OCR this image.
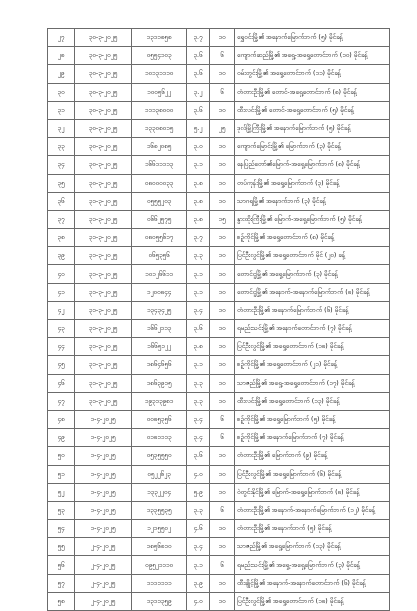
၂၇	၃၀-၃-၂၀၂၅	၁၃၁၁၈၅၈	၃.၇	၁၀	ရွှေဝင်းမြို့၏ အနောက်မြောက်ဘက် (၅) မိုင်ခန့်
၂၈	၃၀-၃-၂၀၂၅	၀၅၅၄၁၀၃	၃.၆	၆	ကျောက်ဆည်မြို့၏ အရှေ့-အရှေ့တောင်ဘက် (၁၀) မိုင်ခန့်
၂၉	၃၀-၃-၂၀၂၅	၁၀၁၃၁၁၁၀	၃.၆	၁၀	ဝမ်းတွင်းမြို့၏ အရှေ့တောင်ဘက် (၁၁) မိုင်ခန့်
၃၀	၃၀-၃-၂၀၂၅	၁၀၀၅၆၂၂	၃.၂	၆	တံတားဦးမြို့၏ တောင်-အရှေ့တောင်ဘက် (၈) မိုင်ခန့်
၃၁	၃၀-၃-၂၀၂၅	၁၁၁၃၈၀၀၀	၃.၆	၁၀	ထီးလင်းမြို့၏ တောင်-အရှေ့တောင်ဘက် (၅) မိုင်ခန့်
၃၂	၃၀-၃-၂၀၂၅	၁၃၃၀၈၀၁၅	၅.၂	၂၅	ဒုလ်မြို့ကြီးမြို့၏ အနောက်မြောက်ဘက် (၅) မိုင်ခန့်
၃၃	၃၀-၃-၂၀၂၅	၁၆၈၂၀၈၅	၃.၀	၁၀	ကျောက်မြောင်းမြို့၏ မြောက်ဘက် (၃) မိုင်ခန့်
၃၄	၃၀-၃-၂၀၂၅	၁၆၆၁၁၁၁၃	၃.၁	၁၀	နေပြည်တော်၏မြောက်-အရှေ့မြောက်ဘက် (၈) မိုင်ခန့်
၃၅	၃၀-၃-၂၀၂၅	၀၈၀၀၀၀၃၃	၃.၈	၁၀	တပ်ကုန်းမြို့၏ အရှေ့မြောက်ဘက် (၃) မိုင်ခန့်
၃၆	၃၁-၃-၂၀၂၅	၀၅၅၅၂၀၃	၃.၈	၁၀	သာဂရမြို့၏ အနောက်ဘက် (၃) မိုင်ခန့်
၃၇	၃၁-၃-၂၀၂၅	၀၆၆၂၅၇၅	၃.၈	၁၅	နွားထိုးကြီးမြို့၏ မြောက်-အရှေ့မြောက်ဘက် (၅) မိုင်ခန့်
၃၈	၃၁-၃-၂၀၂၅	၀၈၀၅၅၆၁၇	၃.၇	၁၀	စဉ့်ကိုင်မြို့၏ အရှေ့တောင်ဘက် (၈) မိုင်ခန့်
၃၉	၃၁-၃-၂၀၂၅	၀၆၅၃၅၆	၃.၃	၁၀	ပြင်ဦးလွင်မြို့၏ အရှေ့တောင်ဘက် မိုင် (၂၀) ခန့်
၄၀	၃၁-၃-၂၀၂၅	၁၀၁၂၆၆၁၁	၃.၁	၁၀	တောင်ငူမြို့၏ အရှေ့မြောက်ဘက် (၃) မိုင်ခန့်
၄၁	၃၁-၃-၂၀၂၅	၁၂၀၀၈၄၄	၃.၁	၁၀	တောင်ငူမြို့၏ အနောက်-အနောက်မြောက်ဘက် (၈) မိုင်ခန့်
၄၂	၃၁-၃-၂၀၂၅	၁၃၄၃၄၂၅	၃.၄	၁၀	တံတားဦးမြို့၏ အနောက်မြောက်ဘက် (၆) မိုင်ခန့်
၄၃	၃၁-၃-၂၀၂၅	၁၆၆၂၁၁၃	၃.၆	၁၀	ရမည်းသင်းမြို့၏ အနောက်တောင်ဘက် (၇) မိုင်ခန့်
၄၄	၃၁-၃-၂၀၂၅	၁၆၆၅၁၂၂	၃.၈	၁၀	ပြင်ဦးလွင်မြို့၏ အရှေ့တောင်ဘက် (၁၈) မိုင်ခန့်
၄၅	၃၁-၃-၂၀၂၅	၁၈၆၄၆၅၆	၃.၁	၁၀	စဉ့်ကိုင်မြို့၏ အရှေ့တောင်ဘက် (၂၁) မိုင်ခန့်
၄၆	၃၁-၃-၂၀၂၅	၁၈၆၃၉၁၅	၃.၃	၁၀	သာဇည်မြို့၏ အရှေ့-အရှေ့တောင်ဘက် (၁၇) မိုင်ခန့်
၄၇	၃၁-၃-၂၀၂၅	၁၉၃၁၃၉၈၁	၃.၃	၁၀	ထီးလင်းမြို့၏ အရှေ့တောင်ဘက် (၁၃) မိုင်ခန့်
၄၈	၁-၄-၂၀၂၅	၀၀၈၅၃၅၆	၃.၄	၆	စဉ့်ကိုင်မြို့၏ အရှေ့မြောက်ဘက် (၅) မိုင်ခန့်
၄၉	၁-၄-၂၀၂၅	၀၁၈၁၁၁၃	၃.၄	၆	စဉ့်ကိုင်မြို့၏ အနောက်မြောက်ဘက် (၇) မိုင်ခန့်
၅၀	၁-၄-၂၀၂၅	၀၅၃၅၅၅၀	၃.၆	၁၀	တံတားဦးမြို့၏ မြောက်ဘက် (၉) မိုင်ခန့်
၅၁	၁-၄-၂၀၂၅	၀၅၂၂၆၂၃	၄.၀	၁၀	ပြင်ဦးလွင်မြို့၏ အရှေ့မြောက်ဘက် (၆) မိုင်ခန့်
၅၂	၁-၄-၂၀၂၅	၁၃၃၂၂၀၄	၅.၉	၁၀	ဝဲတွင်းနိုင်မြို့၏ မြောက်-အရှေ့မြောက်ဘက် (၈) မိုင်ခန့်
၅၃	၁-၄-၂၀၂၅	၁၃၃၅၅၃၅	၃.၃	၆	တံတားဦးမြို့၏ အနောက်-အနောက်မြောက်ဘက် (၁၂) မိုင်ခန့်
၅၄	၁-၄-၂၀၂၅	၁၂၁၅၅၀၂	၄.၆	၁၀	တံတားဦးမြို့၏ အနောက်ဘက် (၅) မိုင်ခန့်
၅၅	၂-၄-၂၀၂၅	၁၈၅၆၈၁၀	၃.၄	၁၀	သာဇည်မြို့၏ အရှေ့မြောက်ဘက် (၁၃) မိုင်ခန့်
၅၆	၂-၄-၂၀၂၅	၀၉၅၂၁၁၁၀	၃.၁	၆	ရမည်းသင်းမြို့၏ အရှေ့-အရှေ့မြောက်ဘက် (၃) မိုင်ခန့်
၅၇	၂-၄-၂၀၂၅	၁၁၁၁၁၁၁	၃.၉	၁၀	ထီးချိုင့်မြို့၏ အနောက်-အနောက်တောင်ဘက် (၆) မိုင်ခန့်
၅၈	၂-၄-၂၀၂၅	၁၃၁၁၃၅၉	၄.၀	၁၀	ပြင်ဦးလွင်မြို့၏ အရှေ့တောင်ဘက် (၁၈) မိုင်ခန့်
